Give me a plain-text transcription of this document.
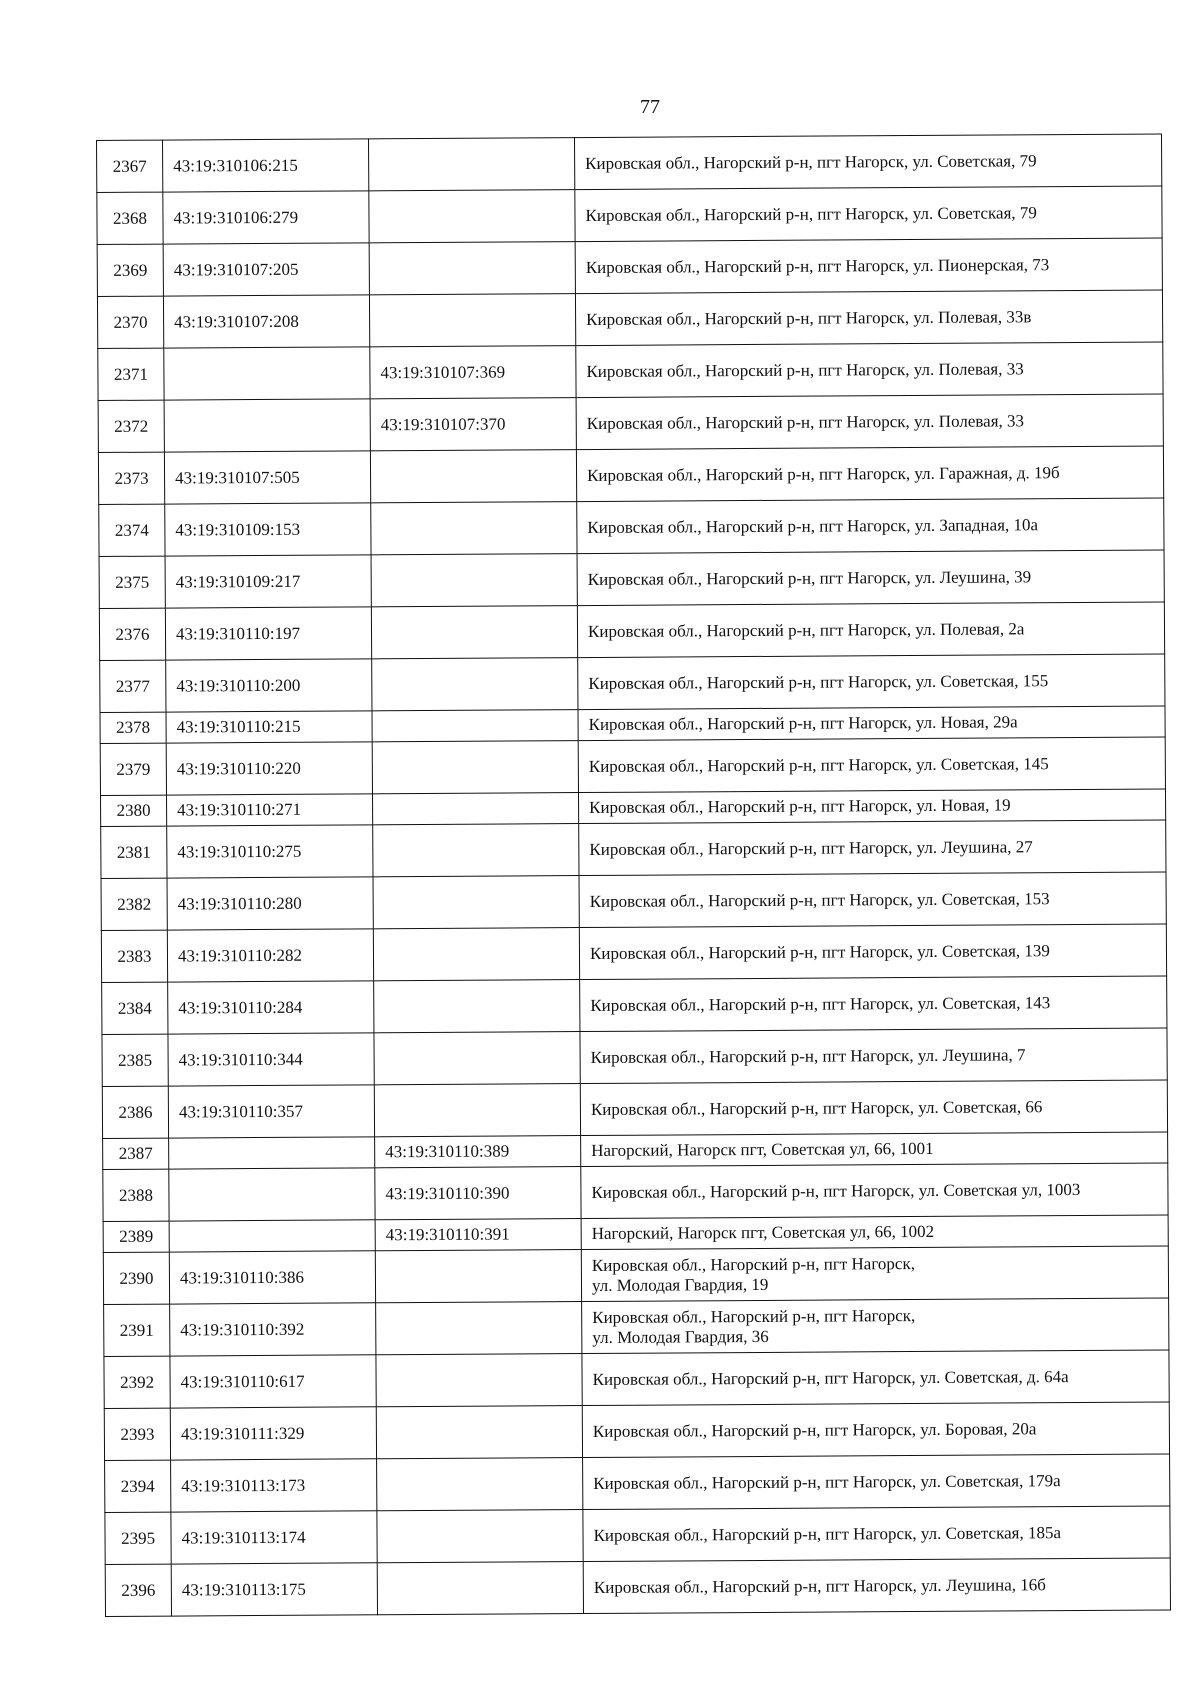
77
2367	43:19:310106:215		Кировская обл., Нагорский р-н, пгт Нагорск, ул. Советская, 79

2368	43:19:310106:279		Кировская обл., Нагорский р-н, пгт Нагорск, ул. Советская, 79

2369	43:19:310107:205		Кировская обл., Нагорский р-н, пгт Нагорск, ул. Пионерская, 73

2370	43:19:310107:208		Кировская обл., Нагорский р-н, пгт Нагорск, ул. Полевая, 33в

2371		43:19:310107:369	Кировская обл., Нагорский р-н, пгт Нагорск, ул. Полевая, 33

2372		43:19:310107:370	Кировская обл., Нагорский р-н, пгт Нагорск, ул. Полевая, 33

2373	43:19:310107:505		Кировская обл., Нагорский р-н, пгт Нагорск, ул. Гаражная, д. 19б

2374	43:19:310109:153		Кировская обл., Нагорский р-н, пгт Нагорск, ул. Западная, 10а

2375	43:19:310109:217		Кировская обл., Нагорский р-н, пгт Нагорск, ул. Леушина, 39

2376	43:19:310110:197		Кировская обл., Нагорский р-н, пгт Нагорск, ул. Полевая, 2а

2377	43:19:310110:200		Кировская обл., Нагорский р-н, пгт Нагорск, ул. Советская, 155

2378	43:19:310110:215		Кировская обл., Нагорский р-н, пгт Нагорск, ул. Новая, 29а

2379	43:19:310110:220		Кировская обл., Нагорский р-н, пгт Нагорск, ул. Советская, 145

2380	43:19:310110:271		Кировская обл., Нагорский р-н, пгт Нагорск, ул. Новая, 19

2381	43:19:310110:275		Кировская обл., Нагорский р-н, пгт Нагорск, ул. Леушина, 27

2382	43:19:310110:280		Кировская обл., Нагорский р-н, пгт Нагорск, ул. Советская, 153

2383	43:19:310110:282		Кировская обл., Нагорский р-н, пгт Нагорск, ул. Советская, 139

2384	43:19:310110:284		Кировская обл., Нагорский р-н, пгт Нагорск, ул. Советская, 143

2385	43:19:310110:344		Кировская обл., Нагорский р-н, пгт Нагорск, ул. Леушина, 7

2386	43:19:310110:357		Кировская обл., Нагорский р-н, пгт Нагорск, ул. Советская, 66

2387		43:19:310110:389	Нагорский, Нагорск пгт, Советская ул, 66, 1001

2388		43:19:310110:390	Кировская обл., Нагорский р-н, пгт Нагорск, ул. Советская ул, 1003

2389		43:19:310110:391	Нагорский, Нагорск пгт, Советская ул, 66, 1002

2390	43:19:310110:386		Кировская обл., Нагорский р-н, пгт Нагорск,
ул. Молодая Гвардия, 19

2391	43:19:310110:392		Кировская обл., Нагорский р-н, пгт Нагорск,
ул. Молодая Гвардия, 36

2392	43:19:310110:617		Кировская обл., Нагорский р-н, пгт Нагорск, ул. Советская, д. 64а

2393	43:19:310111:329		Кировская обл., Нагорский р-н, пгт Нагорск, ул. Боровая, 20а

2394	43:19:310113:173		Кировская обл., Нагорский р-н, пгт Нагорск, ул. Советская, 179а

2395	43:19:310113:174		Кировская обл., Нагорский р-н, пгт Нагорск, ул. Советская, 185а

2396	43:19:310113:175		Кировская обл., Нагорский р-н, пгт Нагорск, ул. Леушина, 16б
